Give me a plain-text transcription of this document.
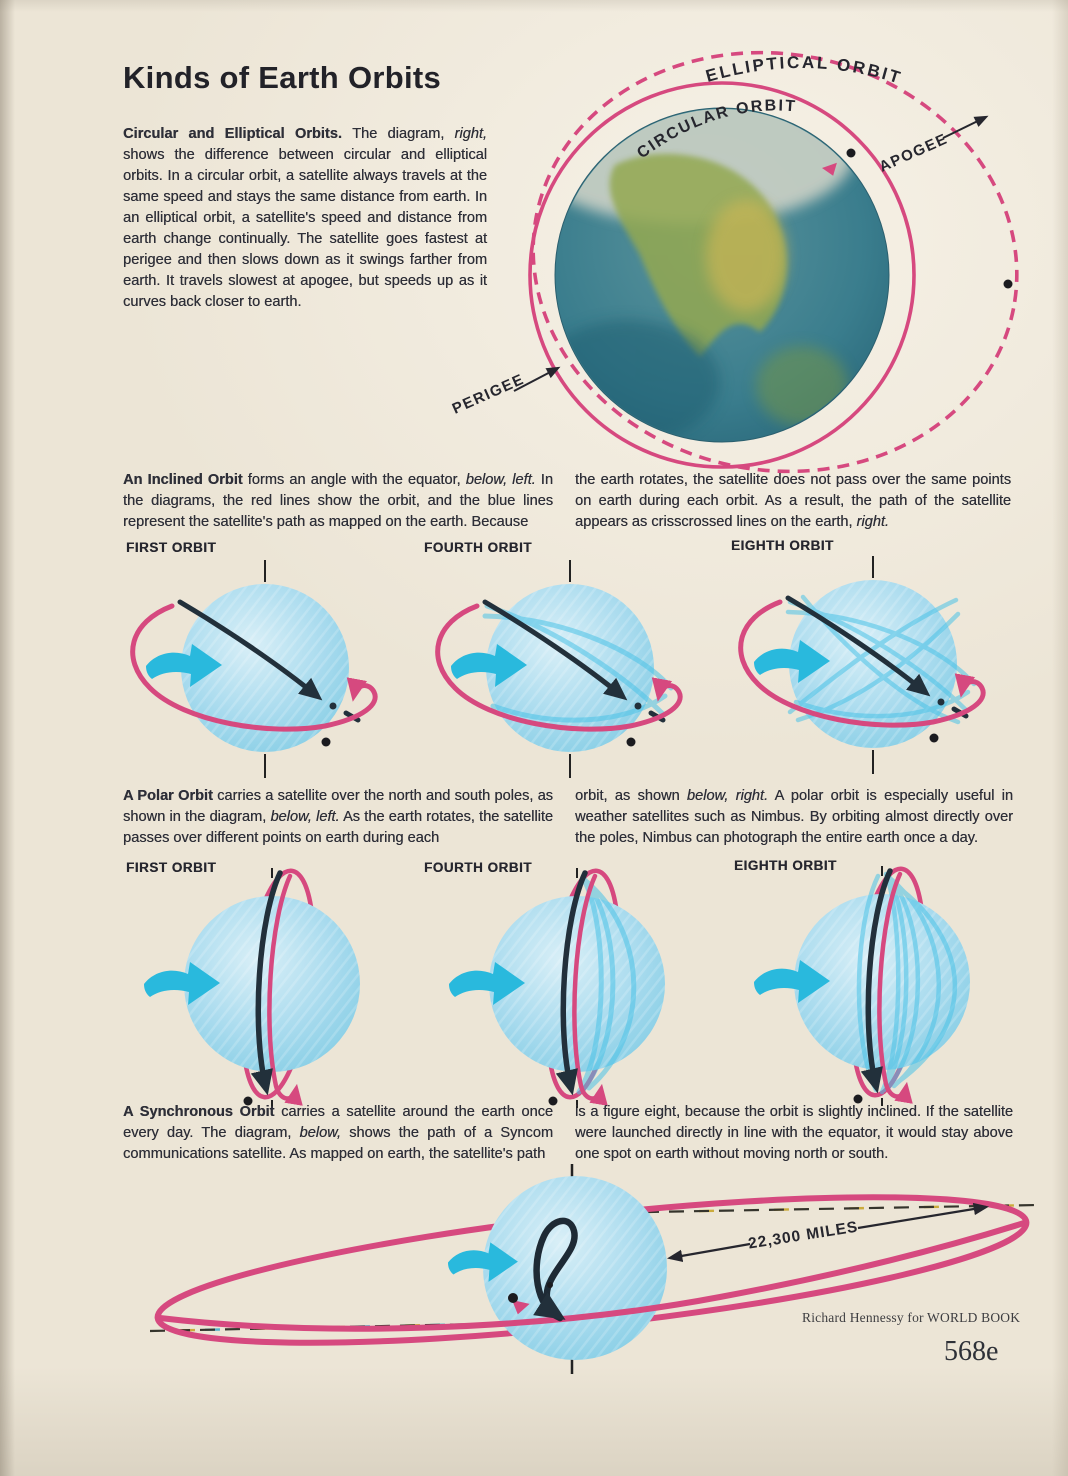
Kinds of Earth Orbits

Circular and Elliptical Orbits. The diagram, right, shows the difference between circular and elliptical orbits. In a circular orbit, a satellite always travels at the same speed and stays the same distance from earth. In an elliptical orbit, a satellite's speed and distance from earth change continually. The satellite goes fastest at perigee and then slows down as it swings farther from earth. It travels slowest at apogee, but speeds up as it curves back closer to earth.

ELLIPTICAL ORBIT
CIRCULAR ORBIT
APOGEE
PERIGEE

An Inclined Orbit forms an angle with the equator, below, left. In the diagrams, the red lines show the orbit, and the blue lines represent the satellite's path as mapped on the earth. Because

the earth rotates, the satellite does not pass over the same points on earth during each orbit. As a result, the path of the satellite appears as crisscrossed lines on the earth, right.

FIRST ORBIT	FOURTH ORBIT	EIGHTH ORBIT

A Polar Orbit carries a satellite over the north and south poles, as shown in the diagram, below, left. As the earth rotates, the satellite passes over different points on earth during each

orbit, as shown below, right. A polar orbit is especially useful in weather satellites such as Nimbus. By orbiting almost directly over the poles, Nimbus can photograph the entire earth once a day.

FIRST ORBIT	FOURTH ORBIT	EIGHTH ORBIT

A Synchronous Orbit carries a satellite around the earth once every day. The diagram, below, shows the path of a Syncom communications satellite. As mapped on earth, the satellite's path

is a figure eight, because the orbit is slightly inclined. If the satellite were launched directly in line with the equator, it would stay above one spot on earth without moving north or south.

22,300 MILES
Richard Hennessy for WORLD BOOK
568e
